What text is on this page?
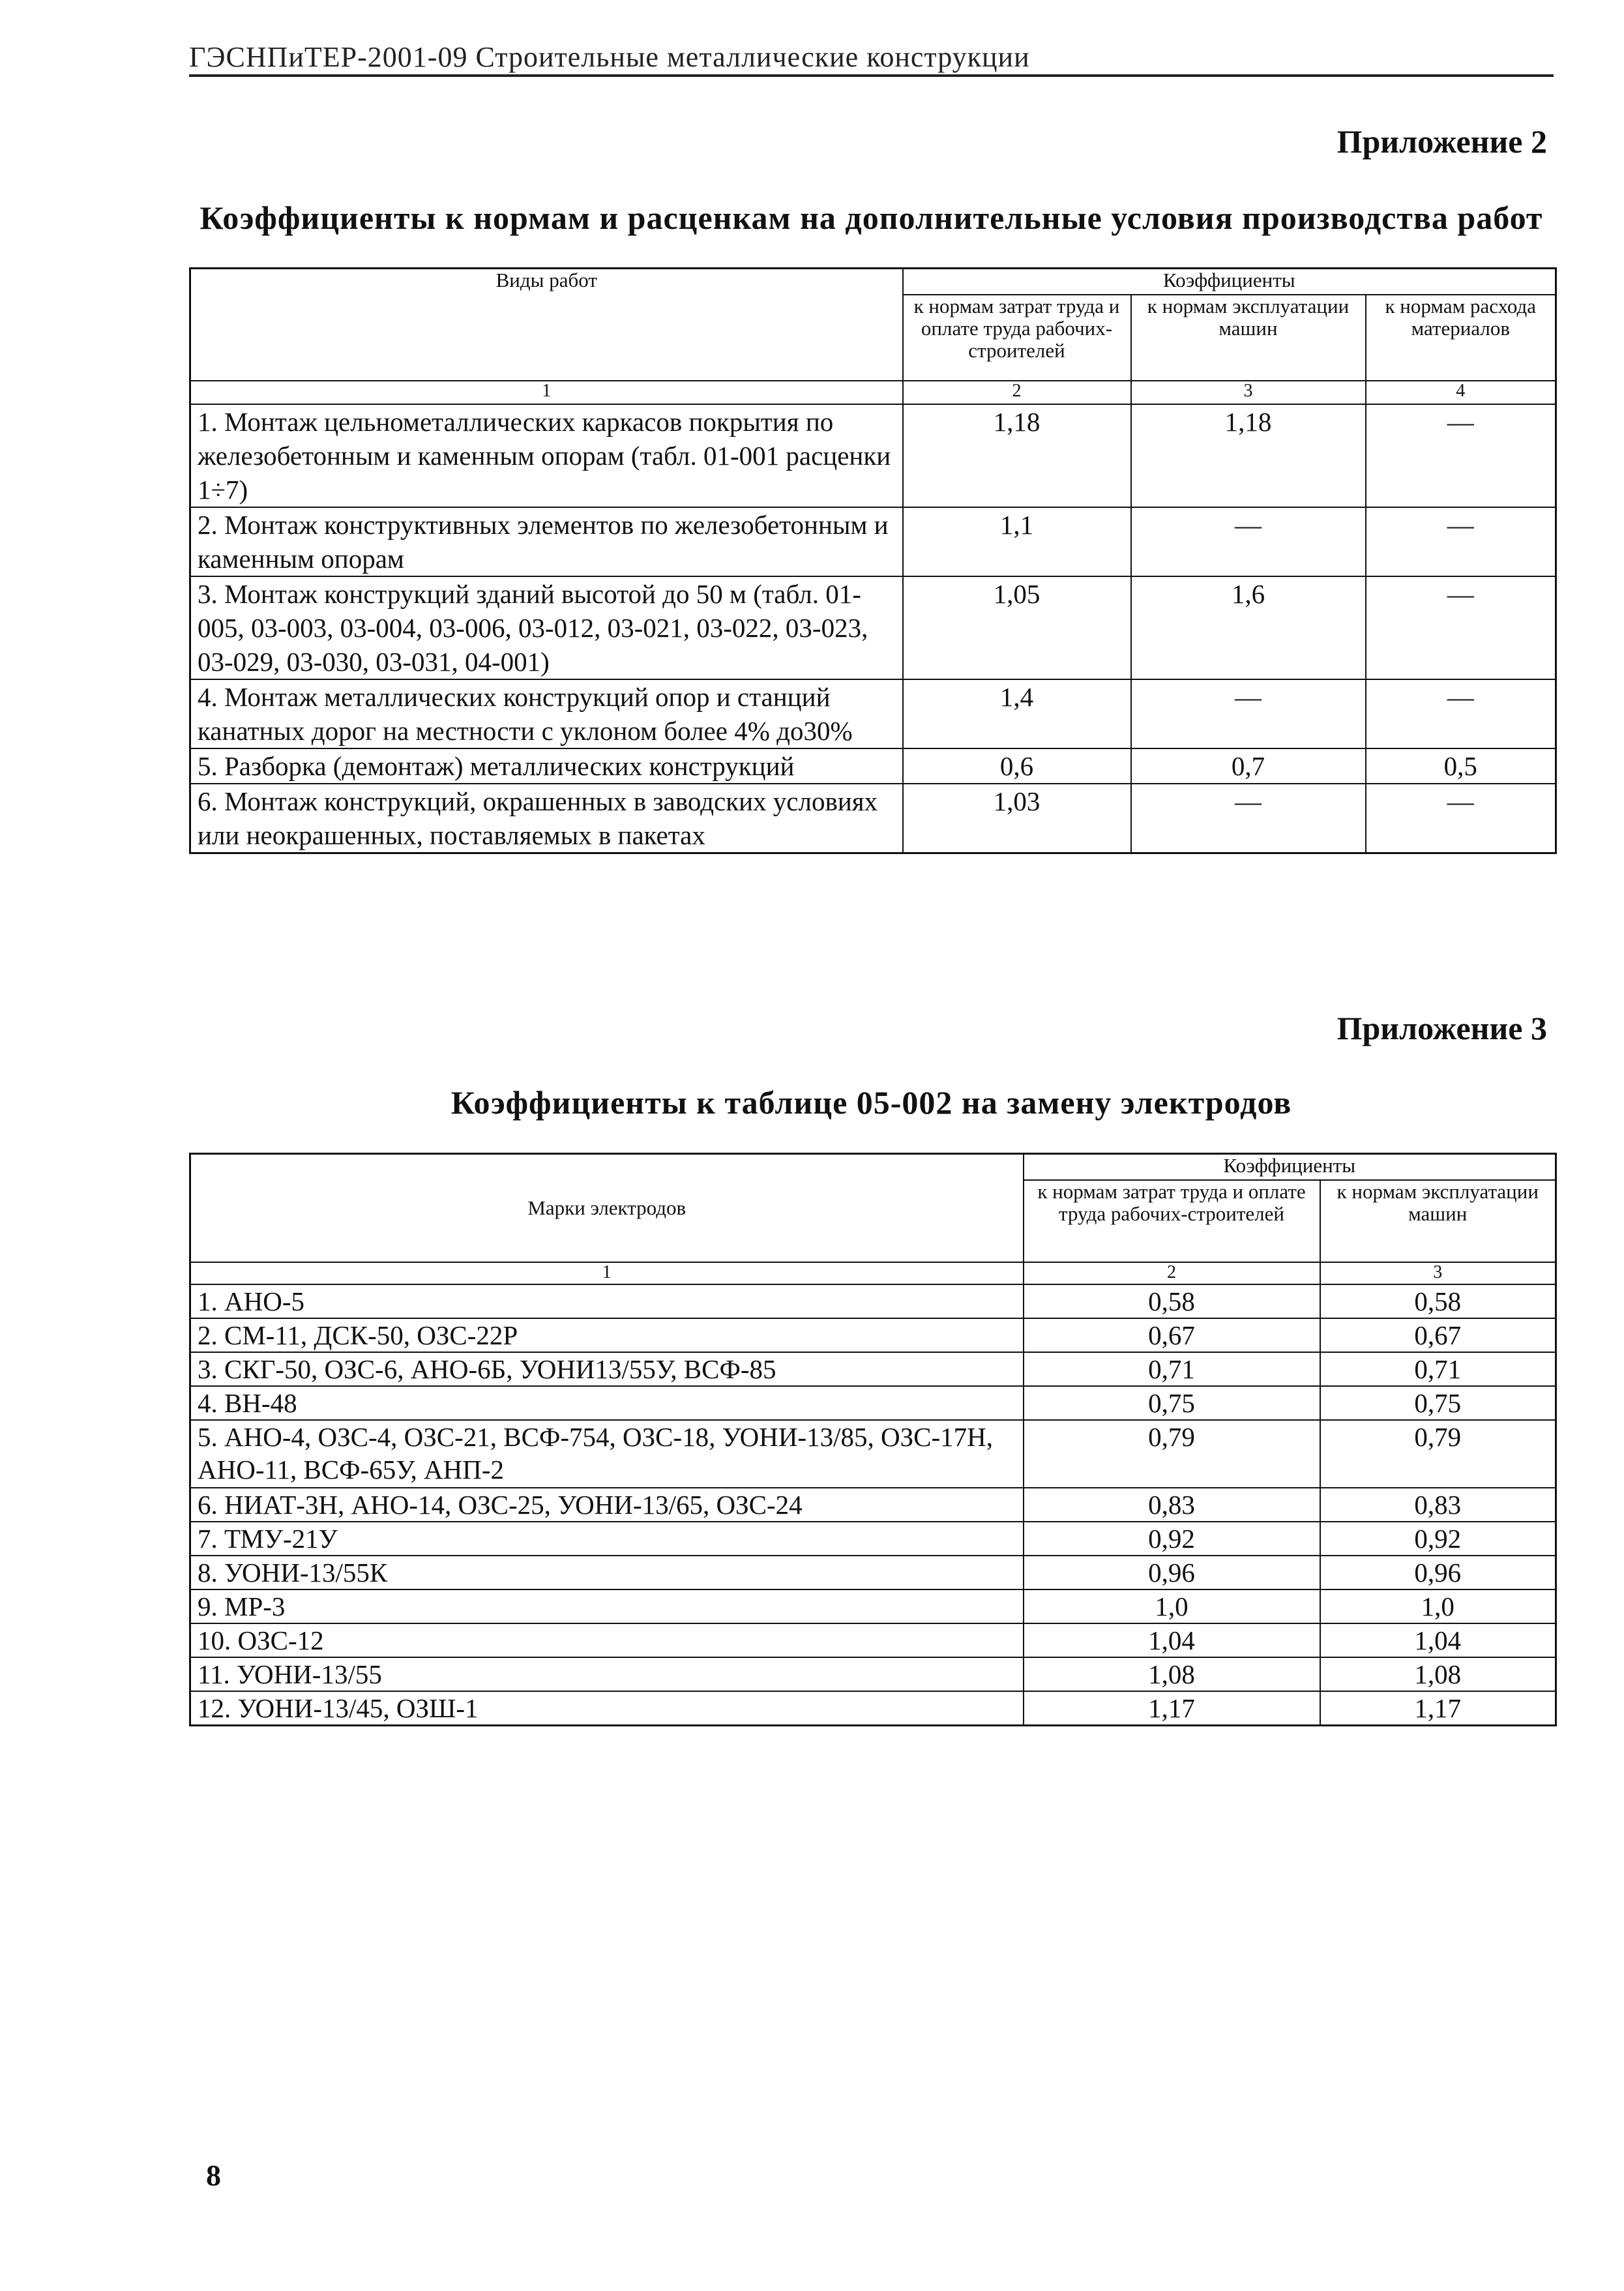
ГЭСНПиТЕР-2001-09 Строительные металлические конструкции
Приложение 2
Коэффициенты к нормам и расценкам на дополнительные условия производства работ
Виды работ	Коэффициенты		
	к нормам затрат труда и оплате труда рабочих-строителей	к нормам эксплуатации машин	к нормам расхода материалов
1	2	3	4
1. Монтаж цельнометаллических каркасов покрытия по железобетонным и каменным опорам (табл. 01-001 расценки 1÷7)	1,18	1,18	—
2. Монтаж конструктивных элементов по железобетонным и каменным опорам	1,1	—	—
3. Монтаж конструкций зданий высотой до 50 м (табл. 01-005, 03-003, 03-004, 03-006, 03-012, 03-021, 03-022, 03-023, 03-029, 03-030, 03-031, 04-001)	1,05	1,6	—
4. Монтаж металлических конструкций опор и станций канатных дорог на местности с уклоном более 4% до30%	1,4	—	—
5. Разборка (демонтаж) металлических конструкций	0,6	0,7	0,5
6. Монтаж конструкций, окрашенных в заводских условиях или неокрашенных, поставляемых в пакетах	1,03	—	—
Приложение 3
Коэффициенты к таблице 05-002 на замену электродов
Марки электродов	Коэффициенты	
	к нормам затрат труда и оплате труда рабочих-строителей	к нормам эксплуатации машин
1	2	3
1. АНО-5	0,58	0,58
2. СМ-11, ДСК-50, ОЗС-22Р	0,67	0,67
3. СКГ-50, ОЗС-6, АНО-6Б, УОНИ13/55У, ВСФ-85	0,71	0,71
4. ВН-48	0,75	0,75
5. АНО-4, ОЗС-4, ОЗС-21, ВСФ-754, ОЗС-18, УОНИ-13/85, ОЗС-17Н, АНО-11, ВСФ-65У, АНП-2	0,79	0,79
6. НИАТ-3Н, АНО-14, ОЗС-25, УОНИ-13/65, ОЗС-24	0,83	0,83
7. ТМУ-21У	0,92	0,92
8. УОНИ-13/55К	0,96	0,96
9. МР-3	1,0	1,0
10. ОЗС-12	1,04	1,04
11. УОНИ-13/55	1,08	1,08
12. УОНИ-13/45, ОЗШ-1	1,17	1,17
8
